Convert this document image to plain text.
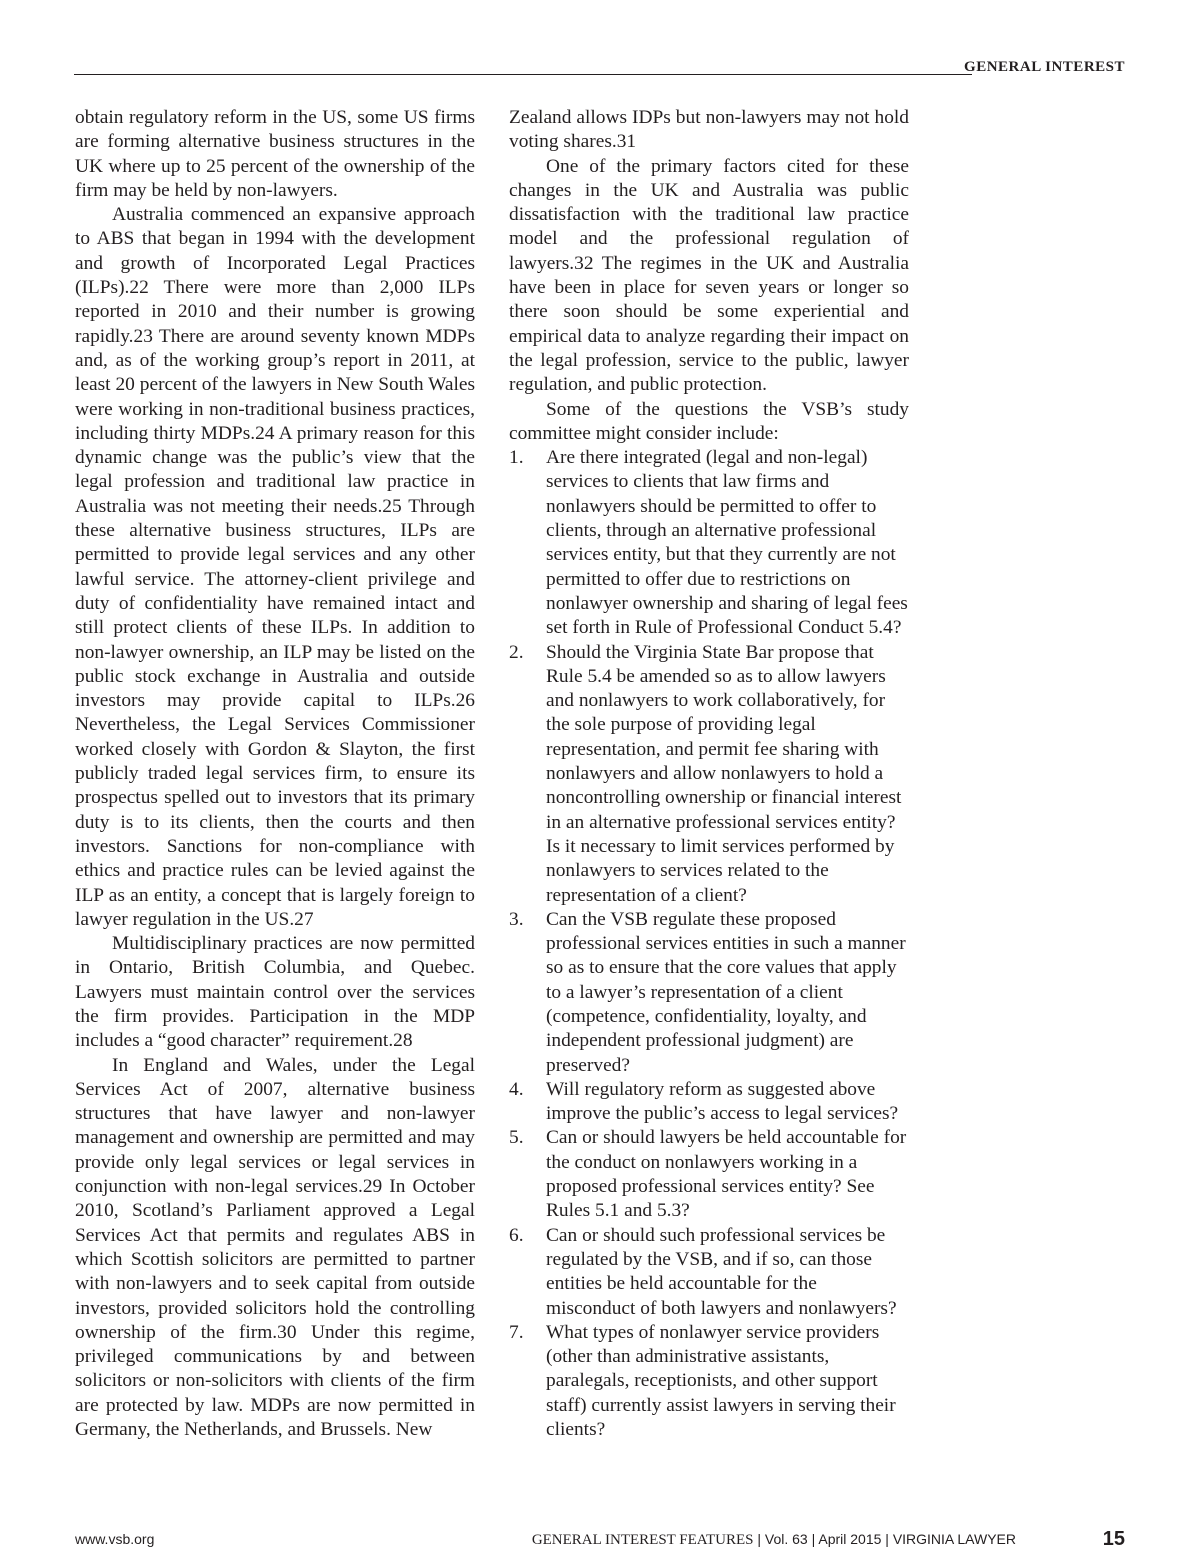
GENERAL INTEREST

obtain regulatory reform in the US, some US firms are forming alternative business structures in the UK where up to 25 percent of the ownership of the firm may be held by non-lawyers.

Australia commenced an expansive approach to ABS that began in 1994 with the development and growth of Incorporated Legal Practices (ILPs).22 There were more than 2,000 ILPs reported in 2010 and their number is growing rapidly.23 There are around seventy known MDPs and, as of the working group’s report in 2011, at least 20 percent of the lawyers in New South Wales were working in non-traditional business practices, including thirty MDPs.24 A primary reason for this dynamic change was the public’s view that the legal profession and traditional law practice in Australia was not meeting their needs.25 Through these alternative business structures, ILPs are permitted to provide legal services and any other lawful service. The attorney-client privilege and duty of confidentiality have remained intact and still protect clients of these ILPs. In addition to non-lawyer ownership, an ILP may be listed on the public stock exchange in Australia and outside investors may provide capital to ILPs.26 Nevertheless, the Legal Services Commissioner worked closely with Gordon & Slayton, the first publicly traded legal services firm, to ensure its prospectus spelled out to investors that its primary duty is to its clients, then the courts and then investors. Sanctions for non-compliance with ethics and practice rules can be levied against the ILP as an entity, a concept that is largely foreign to lawyer regulation in the US.27

Multidisciplinary practices are now permitted in Ontario, British Columbia, and Quebec. Lawyers must maintain control over the services the firm provides. Participation in the MDP includes a “good character” requirement.28

In England and Wales, under the Legal Services Act of 2007, alternative business structures that have lawyer and non-lawyer management and ownership are permitted and may provide only legal services or legal services in conjunction with non-legal services.29 In October 2010, Scotland’s Parliament approved a Legal Services Act that permits and regulates ABS in which Scottish solicitors are permitted to partner with non-lawyers and to seek capital from outside investors, provided solicitors hold the controlling ownership of the firm.30 Under this regime, privileged communications by and between solicitors or non-solicitors with clients of the firm are protected by law. MDPs are now permitted in Germany, the Netherlands, and Brussels. New

Zealand allows IDPs but non-lawyers may not hold voting shares.31

One of the primary factors cited for these changes in the UK and Australia was public dissatisfaction with the traditional law practice model and the professional regulation of lawyers.32 The regimes in the UK and Australia have been in place for seven years or longer so there soon should be some experiential and empirical data to analyze regarding their impact on the legal profession, service to the public, lawyer regulation, and public protection.

Some of the questions the VSB’s study committee might consider include:

1. Are there integrated (legal and non-legal) services to clients that law firms and nonlawyers should be permitted to offer to clients, through an alternative professional services entity, but that they currently are not permitted to offer due to restrictions on nonlawyer ownership and sharing of legal fees set forth in Rule of Professional Conduct 5.4?
2. Should the Virginia State Bar propose that Rule 5.4 be amended so as to allow lawyers and nonlawyers to work collaboratively, for the sole purpose of providing legal representation, and permit fee sharing with nonlawyers and allow nonlawyers to hold a noncontrolling ownership or financial interest in an alternative professional services entity? Is it necessary to limit services performed by nonlawyers to services related to the representation of a client?
3. Can the VSB regulate these proposed professional services entities in such a manner so as to ensure that the core values that apply to a lawyer’s representation of a client (competence, confidentiality, loyalty, and independent professional judgment) are preserved?
4. Will regulatory reform as suggested above improve the public’s access to legal services?
5. Can or should lawyers be held accountable for the conduct on nonlawyers working in a proposed professional services entity? See Rules 5.1 and 5.3?
6. Can or should such professional services be regulated by the VSB, and if so, can those entities be held accountable for the misconduct of both lawyers and nonlawyers?
7. What types of nonlawyer service providers (other than administrative assistants, paralegals, receptionists, and other support staff) currently assist lawyers in serving their clients?
www.vsb.org	GENERAL INTEREST FEATURES | Vol. 63 | April 2015 | VIRGINIA LAWYER	15
